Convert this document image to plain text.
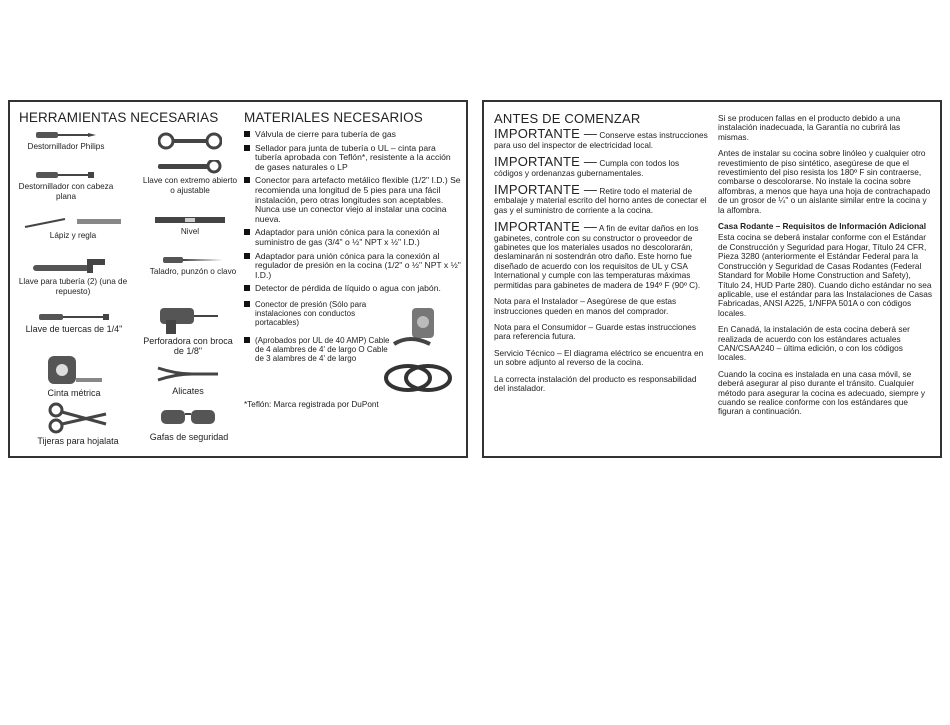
HERRAMIENTAS NECESARIAS MATERIALES NECESARIOS
Destornillador Philips
Llave con extremo abierto o ajustable
Destornillador con cabeza plana
Lápiz y regla	Nivel
Llave para tubería (2) (una de repuesto)
Taladro, punzón o clavo
Llave de tuercas de 1/4"
Perforadora con broca de 1/8"
Cinta métrica	Alicates
Tijeras para hojalata	Gafas de seguridad
Válvula de cierre para tubería de gas
Sellador para junta de tubería o UL – cinta para tubería aprobada con Teflón*, resistente a la acción de gases naturales o LP
Conector para artefacto metálico flexible (1/2" I.D.) Se recomienda una longitud de 5 pies para una fácil instalación, pero otras longitudes son aceptables. Nunca use un conector viejo al instalar una cocina nueva.
Adaptador para unión cónica para la conexión al suministro de gas (3/4" o ½" NPT x ½" I.D.)
Adaptador para unión cónica para la conexión al regulador de presión en la cocina (1/2" o ½" NPT x ½" I.D.)
Detector de pérdida de líquido o agua con jabón.
Conector de presión (Sólo para instalaciones con conductos portacables)
(Aprobados por UL de 40 AMP) Cable de 4 alambres de 4' de largo O Cable de 3 alambres de 4' de largo
*Teflón: Marca registrada por DuPont
ANTES DE COMENZAR

IMPORTANTE — Conserve estas instrucciones para uso del inspector de electricidad local.

IMPORTANTE — Cumpla con todos los códigos y ordenanzas gubernamentales.

IMPORTANTE — Retire todo el material de embalaje y material escrito del horno antes de conectar el gas y el suministro de corriente a la cocina.

IMPORTANTE — A fin de evitar daños en los gabinetes, controle con su constructor o proveedor de gabinetes que los materiales usados no descolorarán, deslaminarán ni sostendrán otro daño. Este horno fue diseñado de acuerdo con los requisitos de UL y CSA International y cumple con las temperaturas máximas permitidas para gabinetes de madera de 194º F (90º C).

Nota para el Instalador – Asegúrese de que estas instrucciones queden en manos del comprador.

Nota para el Consumidor – Guarde estas instrucciones para referencia futura.

Servicio Técnico – El diagrama eléctrico se encuentra en un sobre adjunto al reverso de la cocina.

La correcta instalación del producto es responsabilidad del instalador.

Si se producen fallas en el producto debido a una instalación inadecuada, la Garantía no cubrirá las mismas.

Antes de instalar su cocina sobre linóleo y cualquier otro revestimiento de piso sintético, asegúrese de que el revestimiento del piso resista los 180º F sin contraerse, combarse o descolorarse. No instale la cocina sobre alfombras, a menos que haya una hoja de contrachapado de un grosor de ¼" o un aislante similar entre la cocina y la alfombra.

Casa Rodante – Requisitos de Información Adicional

Esta cocina se deberá instalar conforme con el Estándar de Construcción y Seguridad para Hogar, Título 24 CFR, Pieza 3280 (anteriormente el Estándar Federal para la Construcción y Seguridad de Casas Rodantes (Federal Standard for Mobile Home Construction and Safety), Título 24, HUD Parte 280). Cuando dicho estándar no sea aplicable, use el estándar para las Instalaciones de Casas Fabricadas, ANSI A225, 1/NFPA 501A o con códigos locales.

En Canadá, la instalación de esta cocina deberá ser realizada de acuerdo con los estándares actuales CAN/CSAA240 – última edición, o con los códigos locales.

Cuando la cocina es instalada en una casa móvil, se deberá asegurar al piso durante el tránsito. Cualquier método para asegurar la cocina es adecuado, siempre y cuando se realice conforme con los estándares que figuran a continuación.
